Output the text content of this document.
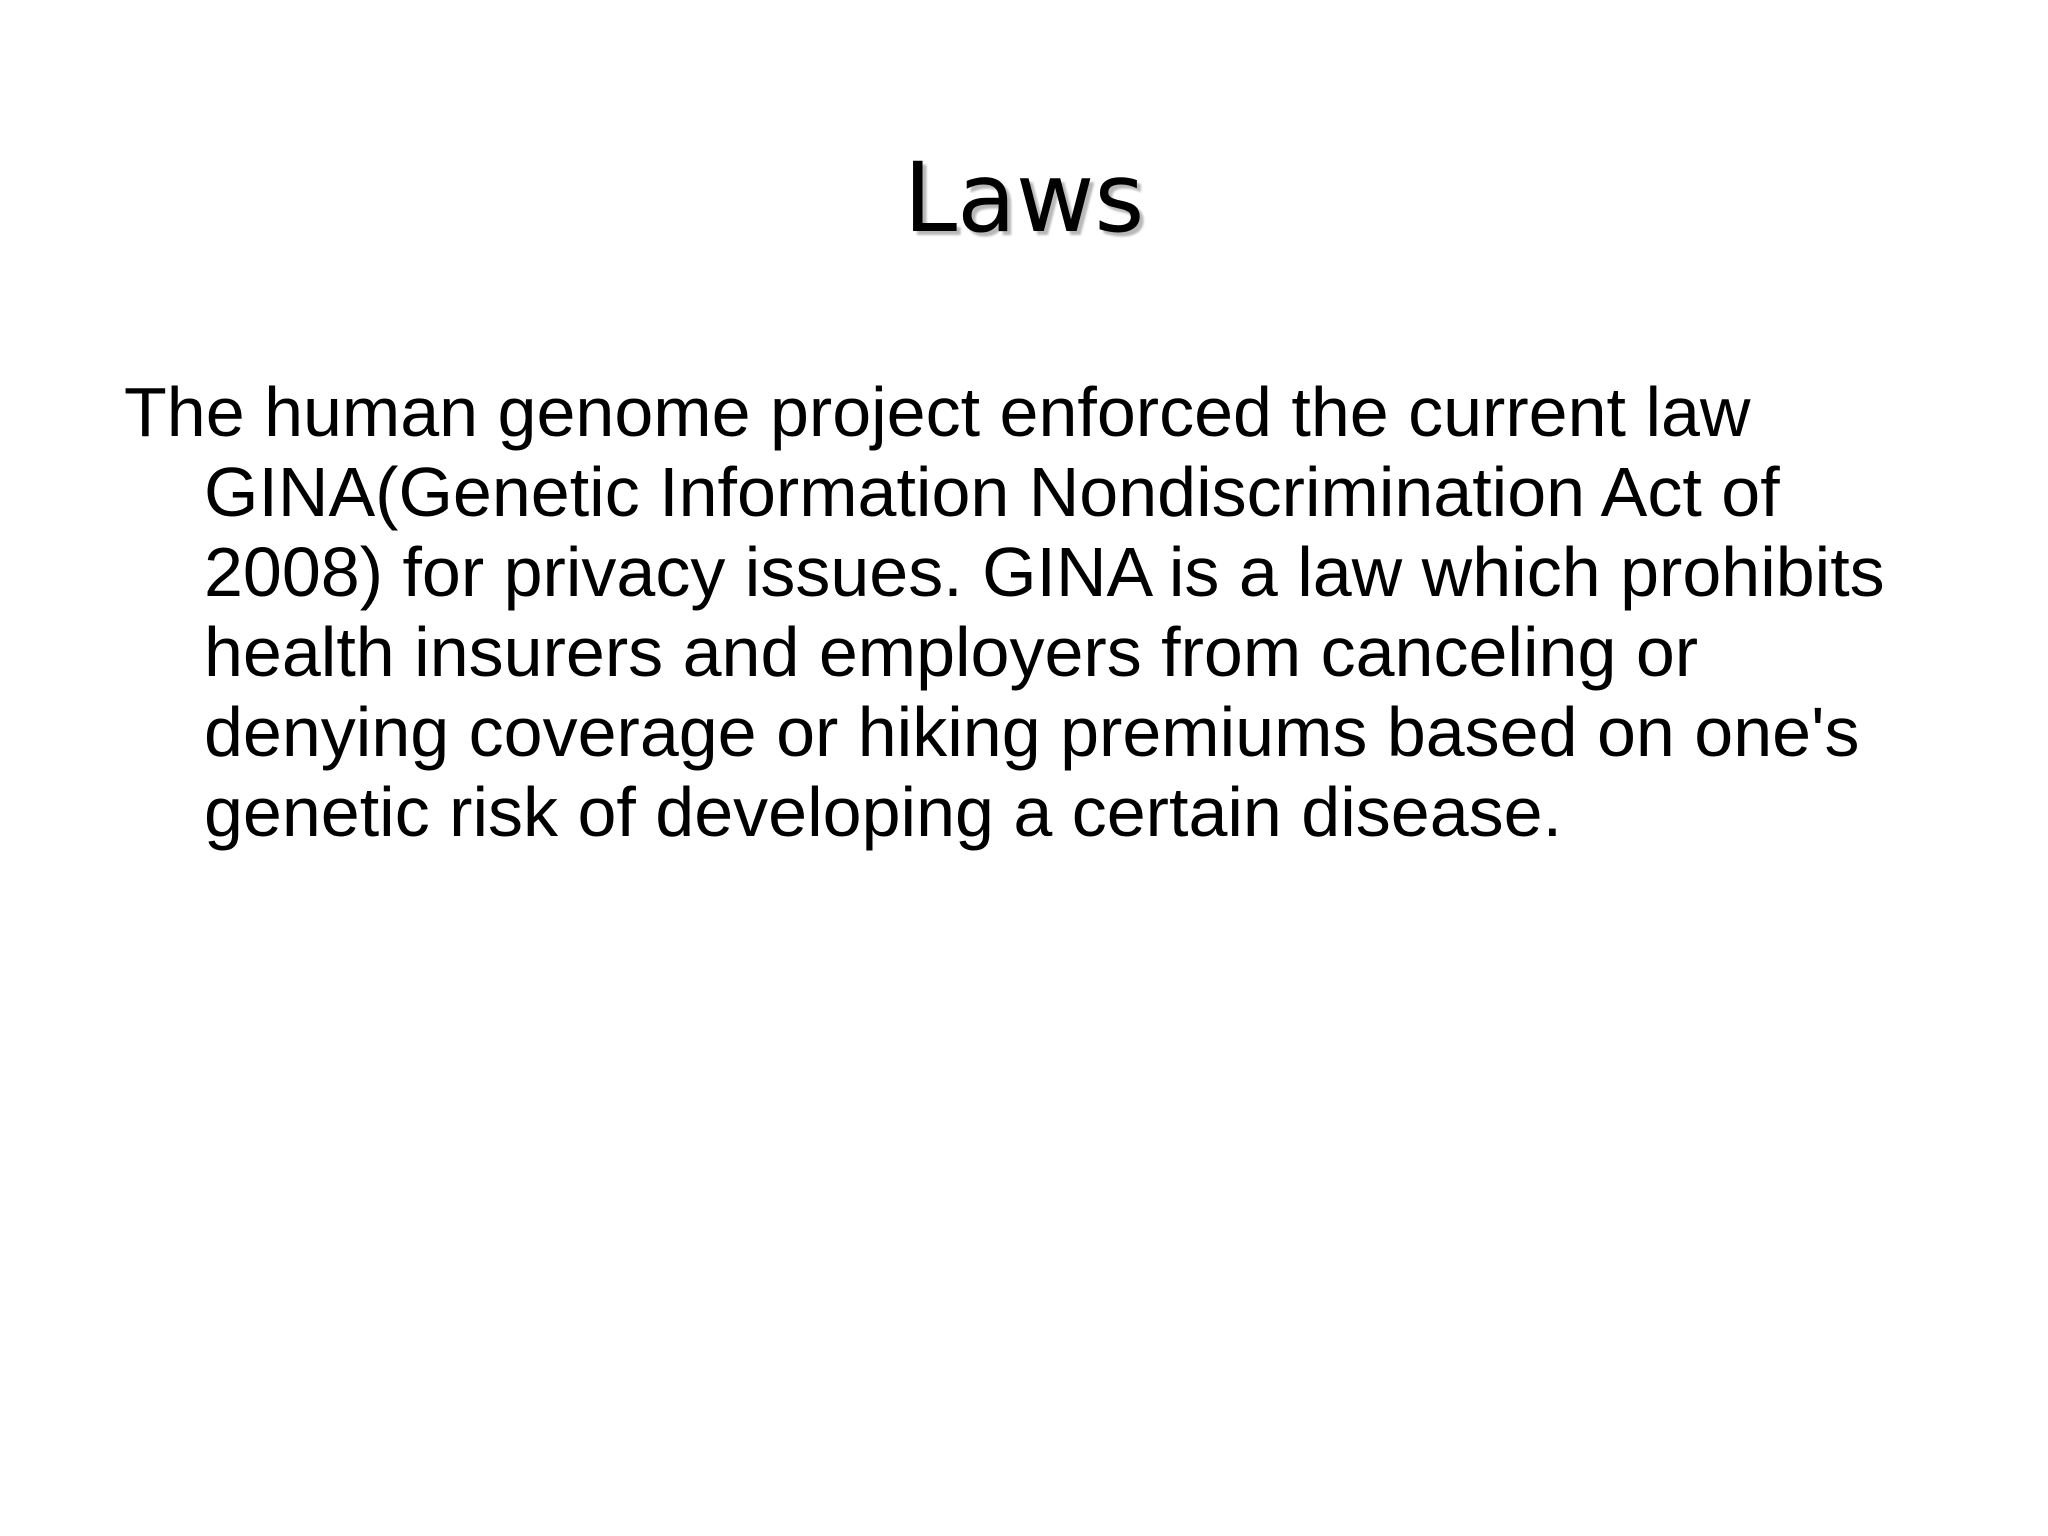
Laws
The human genome project enforced the current law GINA(Genetic Information Nondiscrimination Act of 2008) for privacy issues. GINA is a law which prohibits health insurers and employers from canceling or denying coverage or hiking premiums based on one's genetic risk of developing a certain disease.
